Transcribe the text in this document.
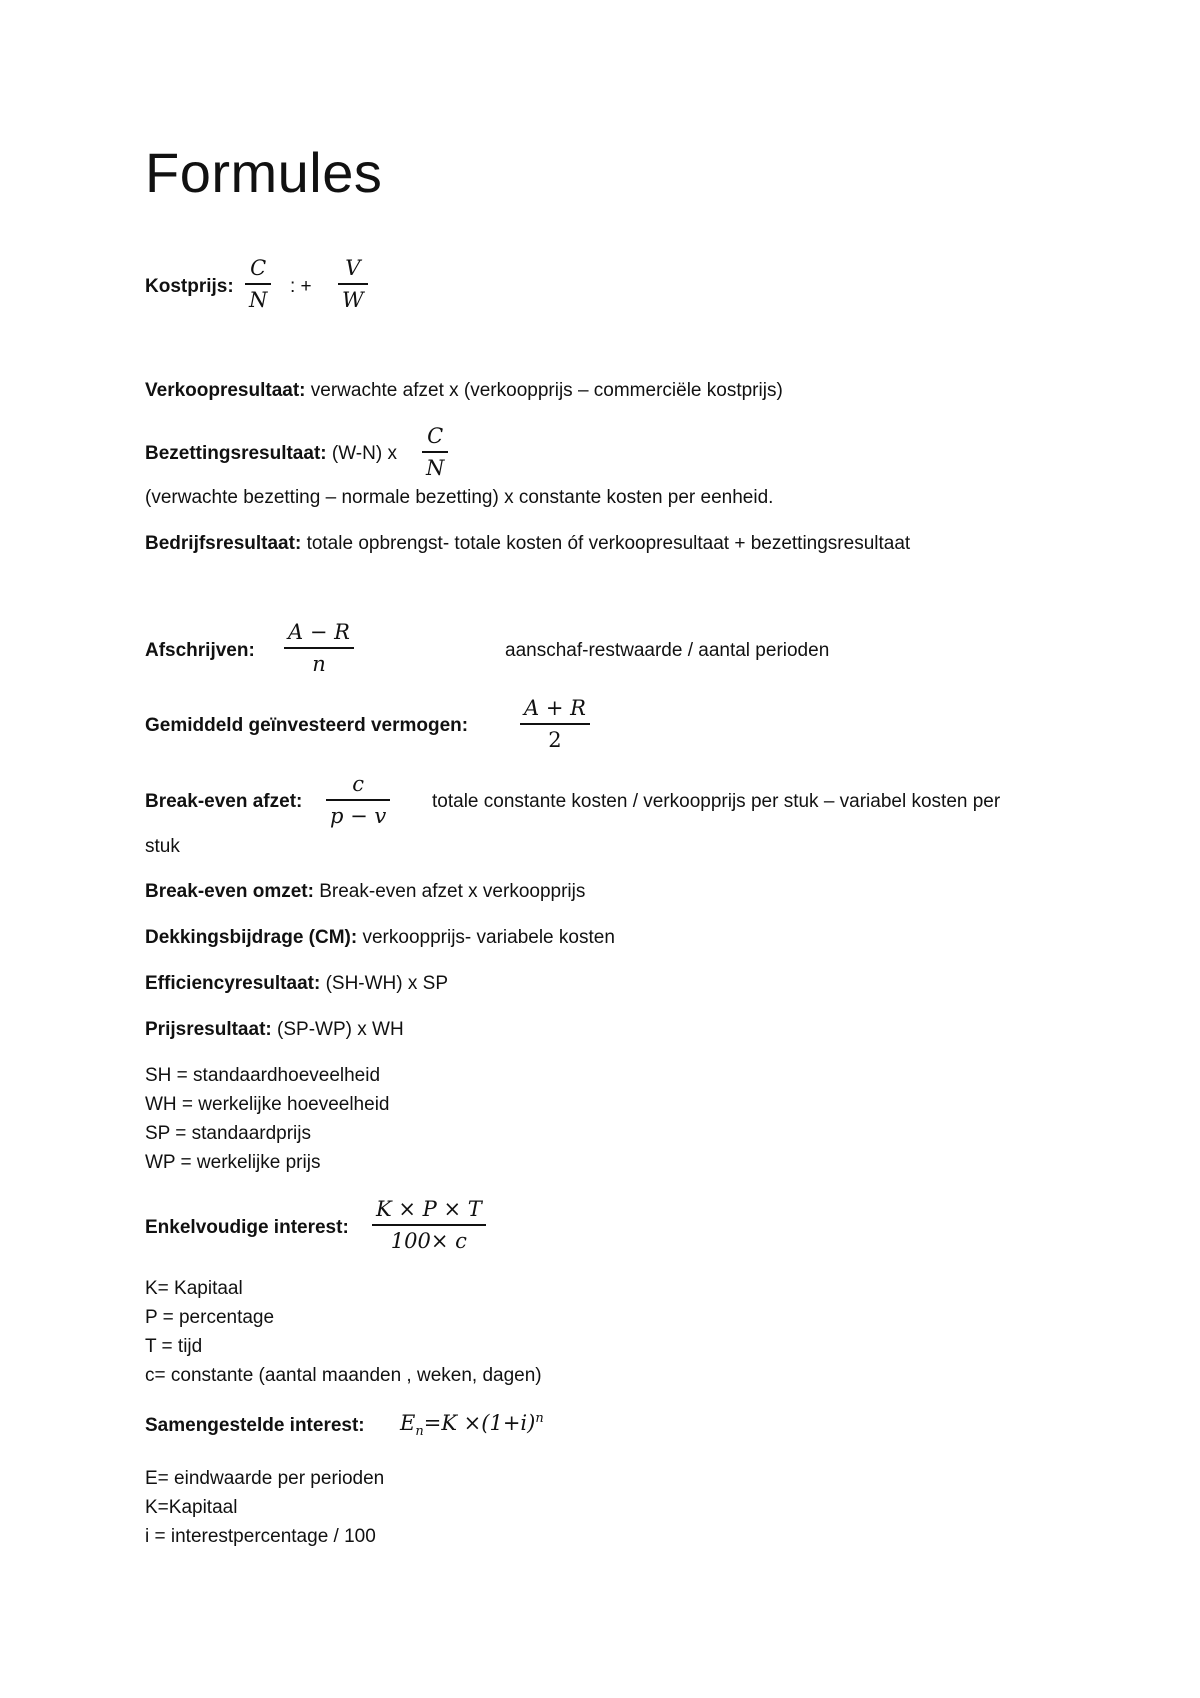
Formules
Kostprijs:
C
N
: +
V
W
Verkoopresultaat: verwachte afzet x (verkoopprijs – commerciële kostprijs)
Bezettingsresultaat: (W-N) x
C
N
(verwachte bezetting – normale bezetting) x constante kosten per eenheid.
Bedrijfsresultaat: totale opbrengst- totale kosten óf verkoopresultaat + bezettingsresultaat
Afschrijven:
A − R
n
aanschaf-restwaarde / aantal perioden
Gemiddeld geïnvesteerd vermogen:
A + R
2
Break-even afzet:
c
p − v
totale constante kosten / verkoopprijs per stuk – variabel kosten per
stuk
Break-even omzet: Break-even afzet x verkoopprijs
Dekkingsbijdrage (CM): verkoopprijs- variabele kosten
Efficiencyresultaat: (SH-WH) x SP
Prijsresultaat: (SP-WP) x WH
SH = standaardhoeveelheid
WH = werkelijke hoeveelheid
SP = standaardprijs
WP = werkelijke prijs
Enkelvoudige interest:
K × P × T
100× c
K= Kapitaal
P = percentage
T = tijd
c= constante (aantal maanden , weken, dagen)
Samengestelde interest: $E_n=K \times(1+i)^n$
E= eindwaarde per perioden
K=Kapitaal
i = interestpercentage / 100
